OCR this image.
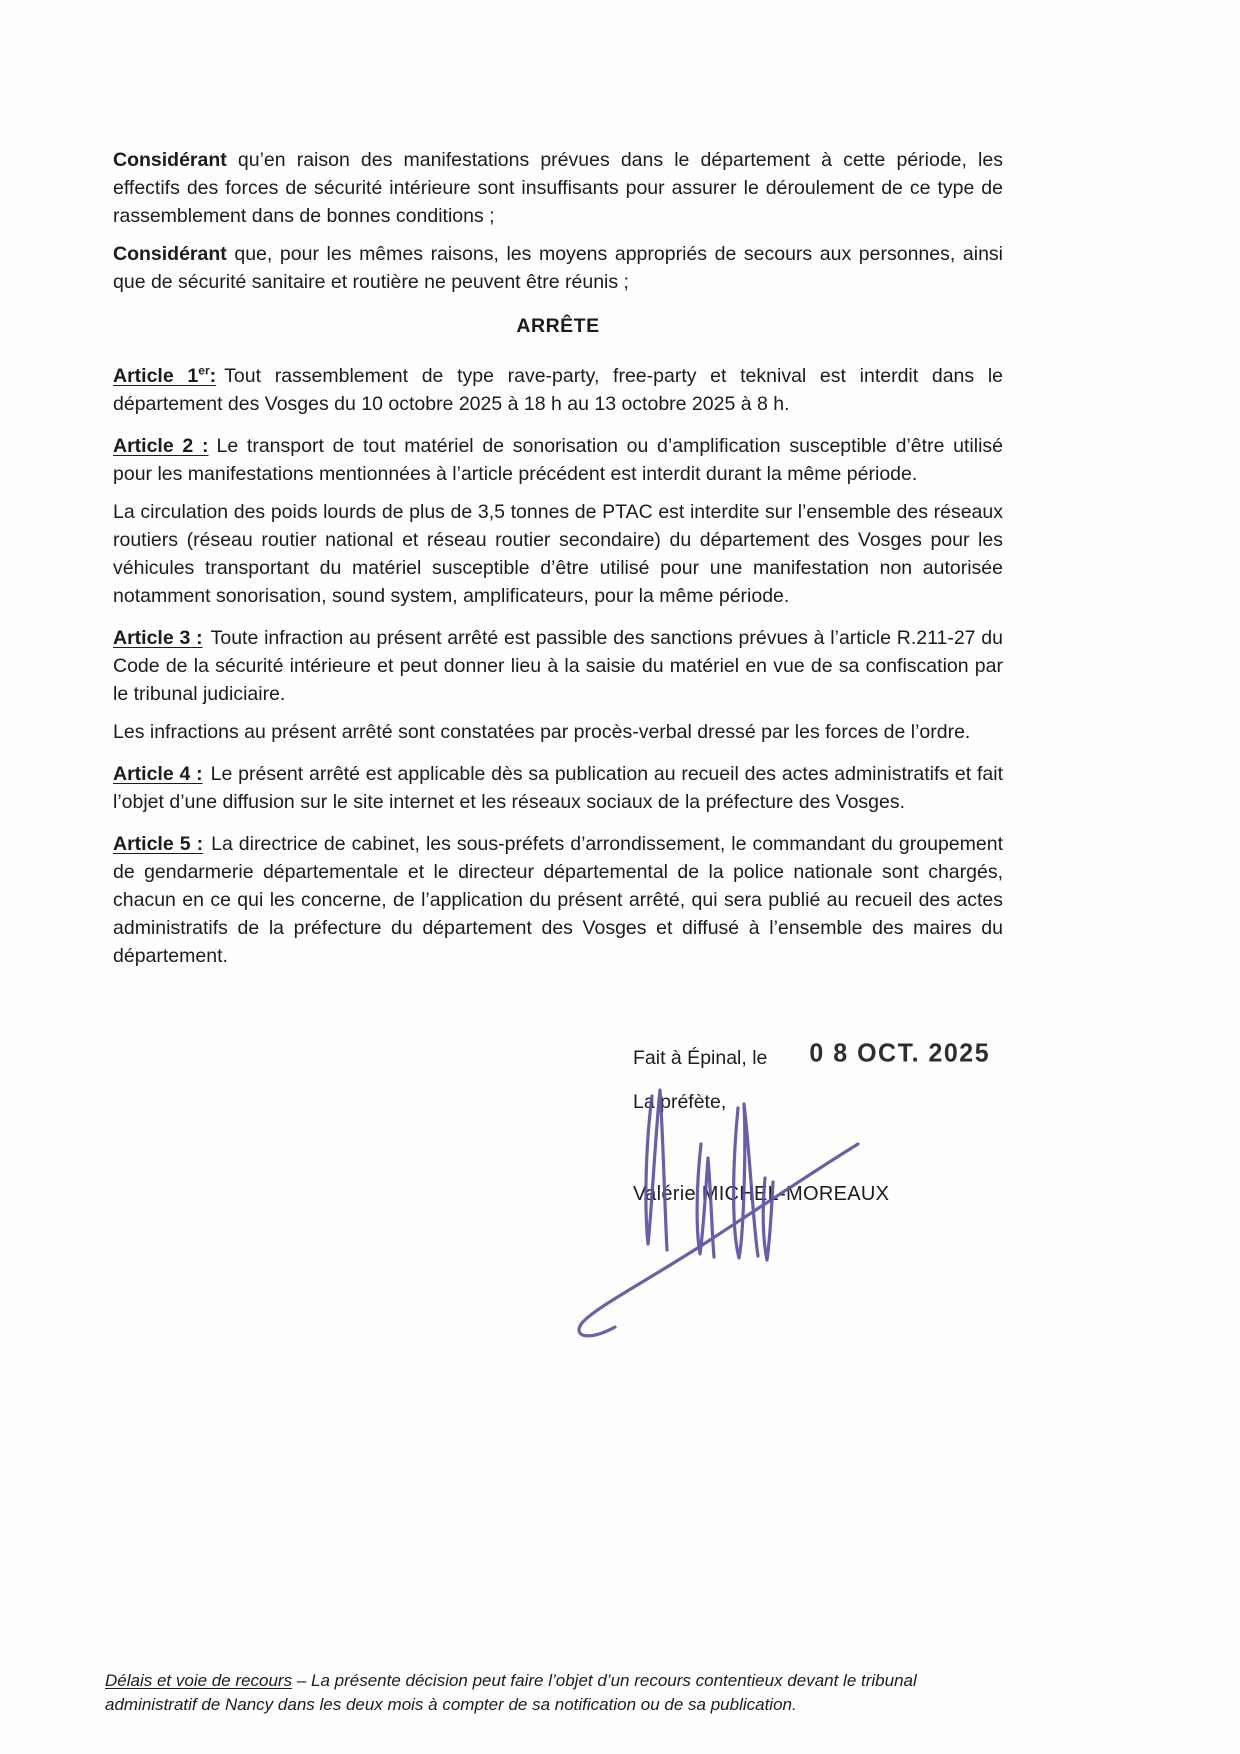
Considérant qu’en raison des manifestations prévues dans le département à cette période, les effectifs des forces de sécurité intérieure sont insuffisants pour assurer le déroulement de ce type de rassemblement dans de bonnes conditions ;

Considérant que, pour les mêmes raisons, les moyens appropriés de secours aux personnes, ainsi que de sécurité sanitaire et routière ne peuvent être réunis ;

ARRÊTE

Article 1er: Tout rassemblement de type rave-party, free-party et teknival est interdit dans le département des Vosges du 10 octobre 2025 à 18 h au 13 octobre 2025 à 8 h.

Article 2 : Le transport de tout matériel de sonorisation ou d’amplification susceptible d’être utilisé pour les manifestations mentionnées à l’article précédent est interdit durant la même période.

La circulation des poids lourds de plus de 3,5 tonnes de PTAC est interdite sur l’ensemble des réseaux routiers (réseau routier national et réseau routier secondaire) du département des Vosges pour les véhicules transportant du matériel susceptible d’être utilisé pour une manifestation non autorisée notamment sonorisation, sound system, amplificateurs, pour la même période.

Article 3 : Toute infraction au présent arrêté est passible des sanctions prévues à l’article R.211-27 du Code de la sécurité intérieure et peut donner lieu à la saisie du matériel en vue de sa confiscation par le tribunal judiciaire.

Les infractions au présent arrêté sont constatées par procès-verbal dressé par les forces de l’ordre.

Article 4 : Le présent arrêté est applicable dès sa publication au recueil des actes administratifs et fait l’objet d’une diffusion sur le site internet et les réseaux sociaux de la préfecture des Vosges.

Article 5 : La directrice de cabinet, les sous-préfets d’arrondissement, le commandant du groupement de gendarmerie départementale et le directeur départemental de la police nationale sont chargés, chacun en ce qui les concerne, de l’application du présent arrêté, qui sera publié au recueil des actes administratifs de la préfecture du département des Vosges et diffusé à l’ensemble des maires du département.

Fait à Épinal, le 0 8 OCT. 2025
La préfète,
Valérie MICHEL-MOREAUX

Délais et voie de recours – La présente décision peut faire l’objet d’un recours contentieux devant le tribunal administratif de Nancy dans les deux mois à compter de sa notification ou de sa publication.
